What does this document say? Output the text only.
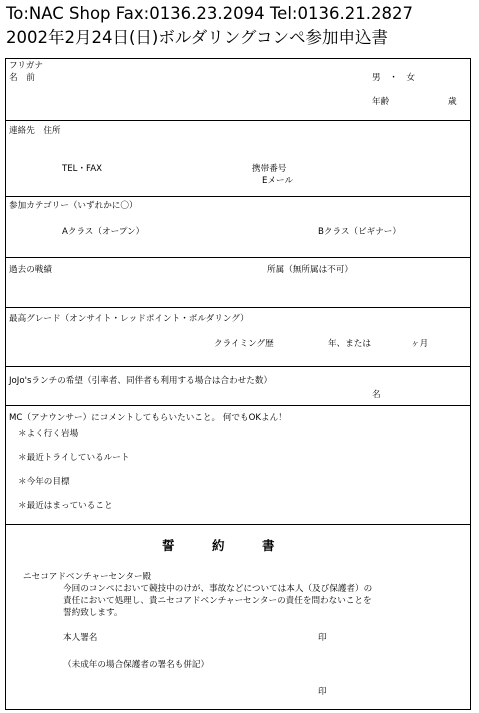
To:NAC Shop Fax:0136.23.2094 Tel:0136.21.2827
2002年2月24日(日)ボルダリングコンペ参加申込書
フリガナ
名　前	男　・　女
年齢	歳
連絡先　住所
TEL・FAX	携帯番号
Eメール
参加カテゴリー（いずれかに〇）
Aクラス（オープン）	Bクラス（ビギナー）
過去の戦績	所属（無所属は不可）
最高グレード（オンサイト・レッドポイント・ボルダリング）
クライミング歴	年、または	ヶ月
JoJo'sランチの希望（引率者、同伴者も利用する場合は合わせた数）
名
MC（アナウンサー）にコメントしてもらいたいこと。 何でもOKよん！
＊よく行く岩場
＊最近トライしているルート
＊今年の目標
＊最近はまっていること
誓　　　約　　　書
ニセコアドベンチャーセンター殿
今回のコンペにおいて競技中のけが、事故などについては本人（及び保護者）の
責任において処理し、貴ニセコアドベンチャーセンターの責任を問わないことを
誓約致します。
本人署名	印
（未成年の場合保護者の署名も併記）
印
